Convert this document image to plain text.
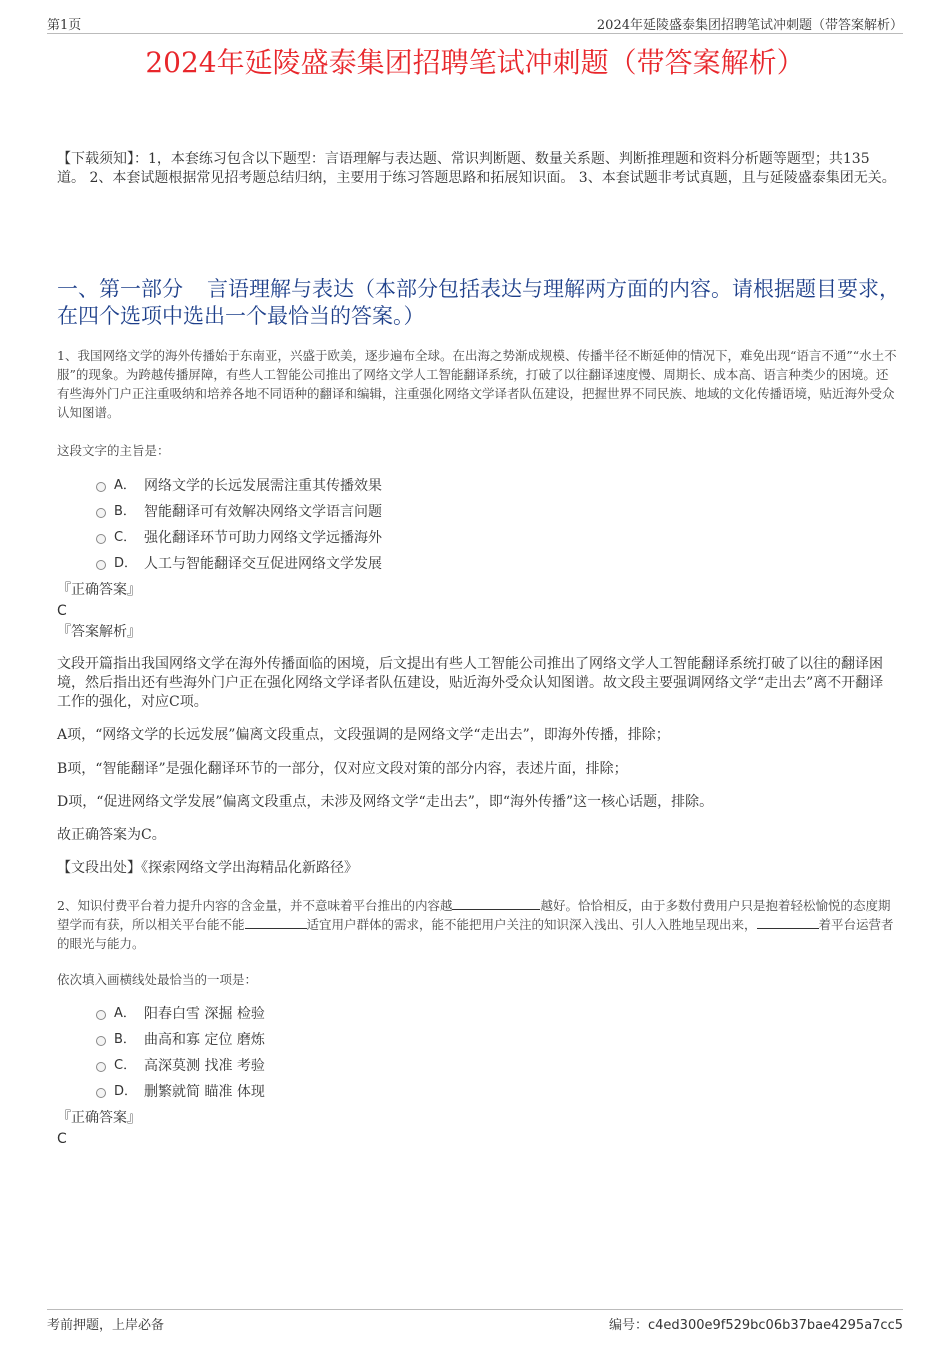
第1页	2024年延陵盛泰集团招聘笔试冲刺题（带答案解析）
2024年延陵盛泰集团招聘笔试冲刺题（带答案解析）
【下载须知】：1，本套练习包含以下题型：言语理解与表达题、常识判断题、数量关系题、判断推理题和资料分析题等题型；共135道。 2、本套试题根据常见招考题总结归纳，主要用于练习答题思路和拓展知识面。 3、本套试题非考试真题，且与延陵盛泰集团无关。
一、第一部分 言语理解与表达（本部分包括表达与理解两方面的内容。请根据题目要求，在四个选项中选出一个最恰当的答案。）
1、我国网络文学的海外传播始于东南亚，兴盛于欧美，逐步遍布全球。在出海之势渐成规模、传播半径不断延伸的情况下，难免出现“语言不通”“水土不服”的现象。为跨越传播屏障，有些人工智能公司推出了网络文学人工智能翻译系统，打破了以往翻译速度慢、周期长、成本高、语言种类少的困境。还有些海外门户正注重吸纳和培养各地不同语种的翻译和编辑，注重强化网络文学译者队伍建设，把握世界不同民族、地域的文化传播语境，贴近海外受众认知图谱。
这段文字的主旨是：
A． 网络文学的长远发展需注重其传播效果
B． 智能翻译可有效解决网络文学语言问题
C． 强化翻译环节可助力网络文学远播海外
D． 人工与智能翻译交互促进网络文学发展
『正确答案』
C
『答案解析』
文段开篇指出我国网络文学在海外传播面临的困境，后文提出有些人工智能公司推出了网络文学人工智能翻译系统打破了以往的翻译困境，然后指出还有些海外门户正在强化网络文学译者队伍建设，贴近海外受众认知图谱。故文段主要强调网络文学“走出去”离不开翻译工作的强化，对应C项。
A项，“网络文学的长远发展”偏离文段重点，文段强调的是网络文学“走出去”，即海外传播，排除；
B项，“智能翻译”是强化翻译环节的一部分，仅对应文段对策的部分内容，表述片面，排除；
D项，“促进网络文学发展”偏离文段重点，未涉及网络文学“走出去”，即“海外传播”这一核心话题，排除。
故正确答案为C。
【文段出处】《探索网络文学出海精品化新路径》
2、知识付费平台着力提升内容的含金量，并不意味着平台推出的内容越	越好。恰恰相反，由于多数付费用户只是抱着轻松愉悦的态度期望学而有获，所以相关平台能不能	适宜用户群体的需求，能不能把用户关注的知识深入浅出、引人入胜地呈现出来，	着平台运营者的眼光与能力。
依次填入画横线处最恰当的一项是：
A． 阳春白雪 深掘 检验
B． 曲高和寡 定位 磨炼
C． 高深莫测 找准 考验
D． 删繁就简 瞄准 体现
『正确答案』
C
考前押题，上岸必备	编号：c4ed300e9f529bc06b37bae4295a7cc5
